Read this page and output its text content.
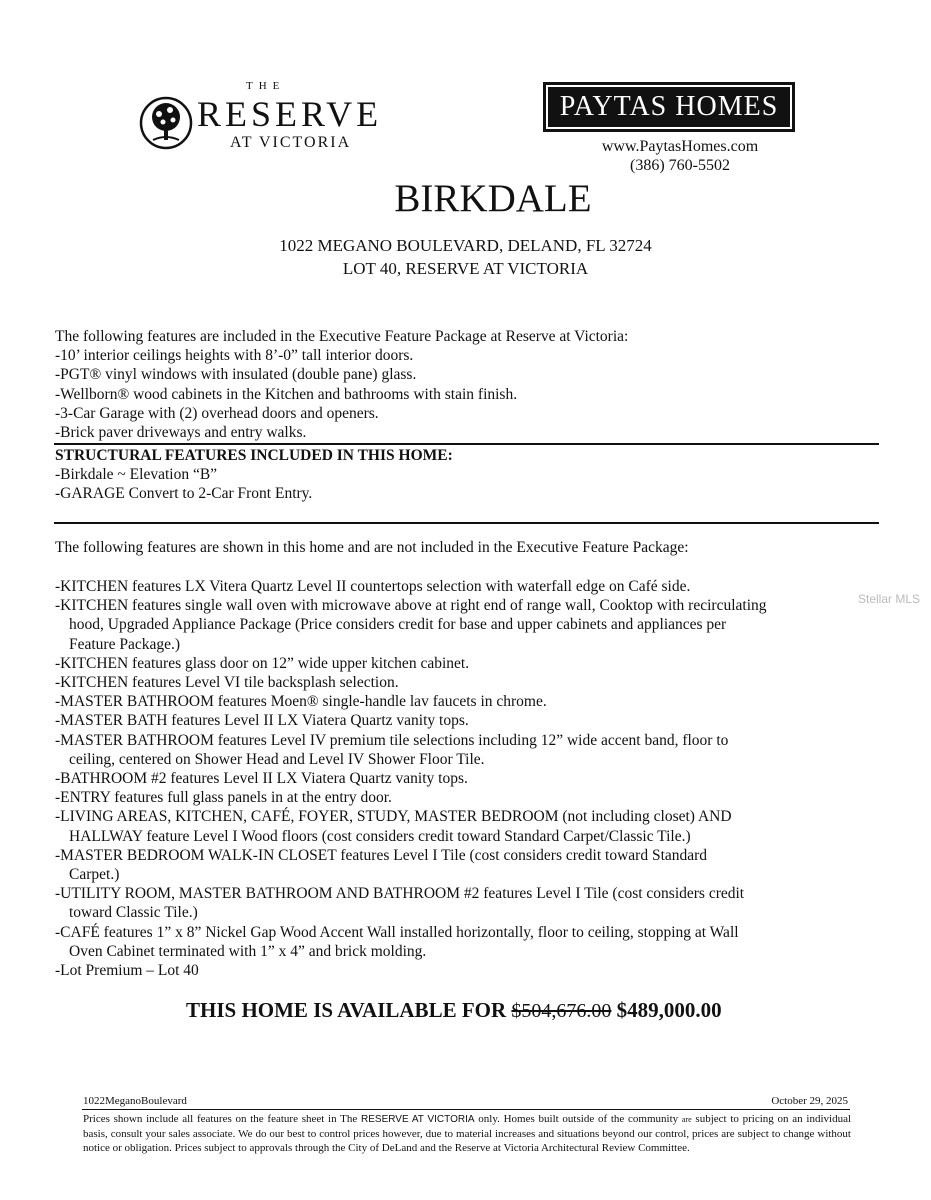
THE
RESERVE
AT VICTORIA
PAYTAS HOMES
www.PaytasHomes.com
(386) 760-5502
BIRKDALE
1022 MEGANO BOULEVARD, DELAND, FL 32724
LOT 40, RESERVE AT VICTORIA
The following features are included in the Executive Feature Package at Reserve at Victoria:
-10’ interior ceilings heights with 8’-0” tall interior doors.
-PGT® vinyl windows with insulated (double pane) glass.
-Wellborn® wood cabinets in the Kitchen and bathrooms with stain finish.
-3-Car Garage with (2) overhead doors and openers.
-Brick paver driveways and entry walks.
STRUCTURAL FEATURES INCLUDED IN THIS HOME:
-Birkdale ~ Elevation “B”
-GARAGE Convert to 2-Car Front Entry.
The following features are shown in this home and are not included in the Executive Feature Package:
-KITCHEN features LX Vitera Quartz Level II countertops selection with waterfall edge on Café side.
-KITCHEN features single wall oven with microwave above at right end of range wall, Cooktop with recirculating
hood, Upgraded Appliance Package (Price considers credit for base and upper cabinets and appliances per
Feature Package.)
-KITCHEN features glass door on 12” wide upper kitchen cabinet.
-KITCHEN features Level VI tile backsplash selection.
-MASTER BATHROOM features Moen® single-handle lav faucets in chrome.
-MASTER BATH features Level II LX Viatera Quartz vanity tops.
-MASTER BATHROOM features Level IV premium tile selections including 12” wide accent band, floor to
ceiling, centered on Shower Head and Level IV Shower Floor Tile.
-BATHROOM #2 features Level II LX Viatera Quartz vanity tops.
-ENTRY features full glass panels in at the entry door.
-LIVING AREAS, KITCHEN, CAFÉ, FOYER, STUDY, MASTER BEDROOM (not including closet) AND
HALLWAY feature Level I Wood floors (cost considers credit toward Standard Carpet/Classic Tile.)
-MASTER BEDROOM WALK-IN CLOSET features Level I Tile (cost considers credit toward Standard
Carpet.)
-UTILITY ROOM, MASTER BATHROOM AND BATHROOM #2 features Level I Tile (cost considers credit
toward Classic Tile.)
-CAFÉ features 1” x 8” Nickel Gap Wood Accent Wall installed horizontally, floor to ceiling, stopping at Wall
Oven Cabinet terminated with 1” x 4” and brick molding.
-Lot Premium – Lot 40
THIS HOME IS AVAILABLE FOR $504,676.00 $489,000.00
1022MeganoBoulevard	October 29, 2025
Prices shown include all features on the feature sheet in The RESERVE AT VICTORIA only. Homes built outside of the community are subject to pricing on an individual basis, consult your sales associate. We do our best to control prices however, due to material increases and situations beyond our control, prices are subject to change without notice or obligation. Prices subject to approvals through the City of DeLand and the Reserve at Victoria Architectural Review Committee.
Stellar MLS
